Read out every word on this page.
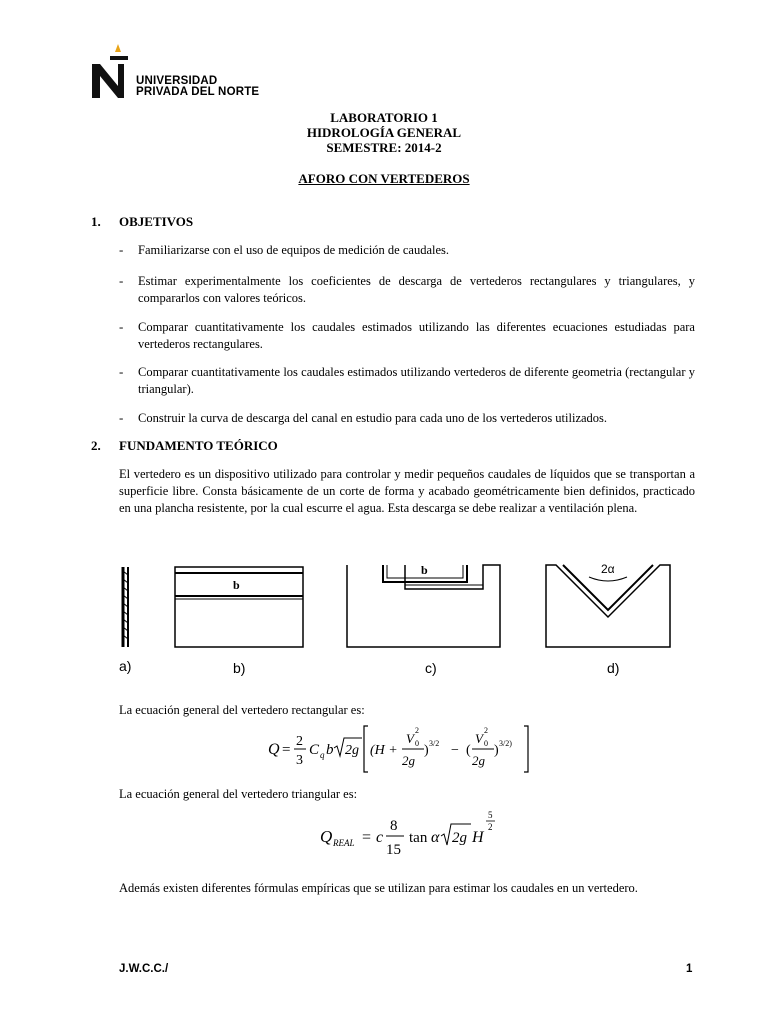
UNIVERSIDAD
PRIVADA DEL NORTE
LABORATORIO 1
HIDROLOGÍA GENERAL
SEMESTRE: 2014-2
AFORO CON VERTEDEROS
1. OBJETIVOS
- Familiarizarse con el uso de equipos de medición de caudales.
- Estimar experimentalmente los coeficientes de descarga de vertederos rectangulares y triangulares, y compararlos con valores teóricos.
- Comparar cuantitativamente los caudales estimados utilizando las diferentes ecuaciones estudiadas para vertederos rectangulares.
- Comparar cuantitativamente los caudales estimados utilizando vertederos de diferente geometria (rectangular y triangular).
- Construir la curva de descarga del canal en estudio para cada uno de los vertederos utilizados.
2. FUNDAMENTO TEÓRICO
El vertedero es un dispositivo utilizado para controlar y medir pequeños caudales de líquidos que se transportan a superficie libre. Consta básicamente de un corte de forma y acabado geométricamente bien definidos, practicado en una plancha resistente, por la cual escurre el agua. Esta descarga se debe realizar a ventilación plena.
b
b	2α
a)	b)	c)	d)
La ecuación general del vertedero rectangular es:
Q =
2
3
C q b 2g (H +
V 0
2
2g
) 3/2 − (
V 0
2
2g
) 3/2)
La ecuación general del vertedero triangular es:
Q REAL = c
8
15
tan α 2g H
5
2
Además existen diferentes fórmulas empíricas que se utilizan para estimar los caudales en un vertedero.
J.W.C.C./	1
